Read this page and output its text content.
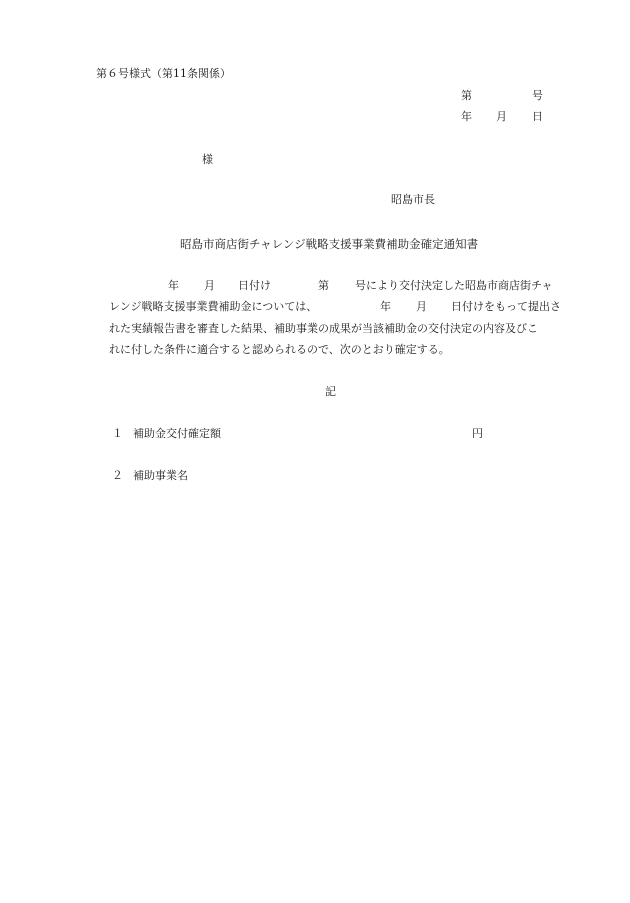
第６号様式（第11条関係）
第	号
年 月 日
様
昭島市長
昭島市商店街チャレンジ戦略支援事業費補助金確定通知書
年 月 日付け	第 号により交付決定した昭島市商店街チャ
レンジ戦略支援事業費補助金については、	年 月 日付けをもって提出さ
れた実績報告書を審査した結果、補助事業の成果が当該補助金の交付決定の内容及びこ
れに付した条件に適合すると認められるので、次のとおり確定する。
記
１ 補助金交付確定額	円
２ 補助事業名
